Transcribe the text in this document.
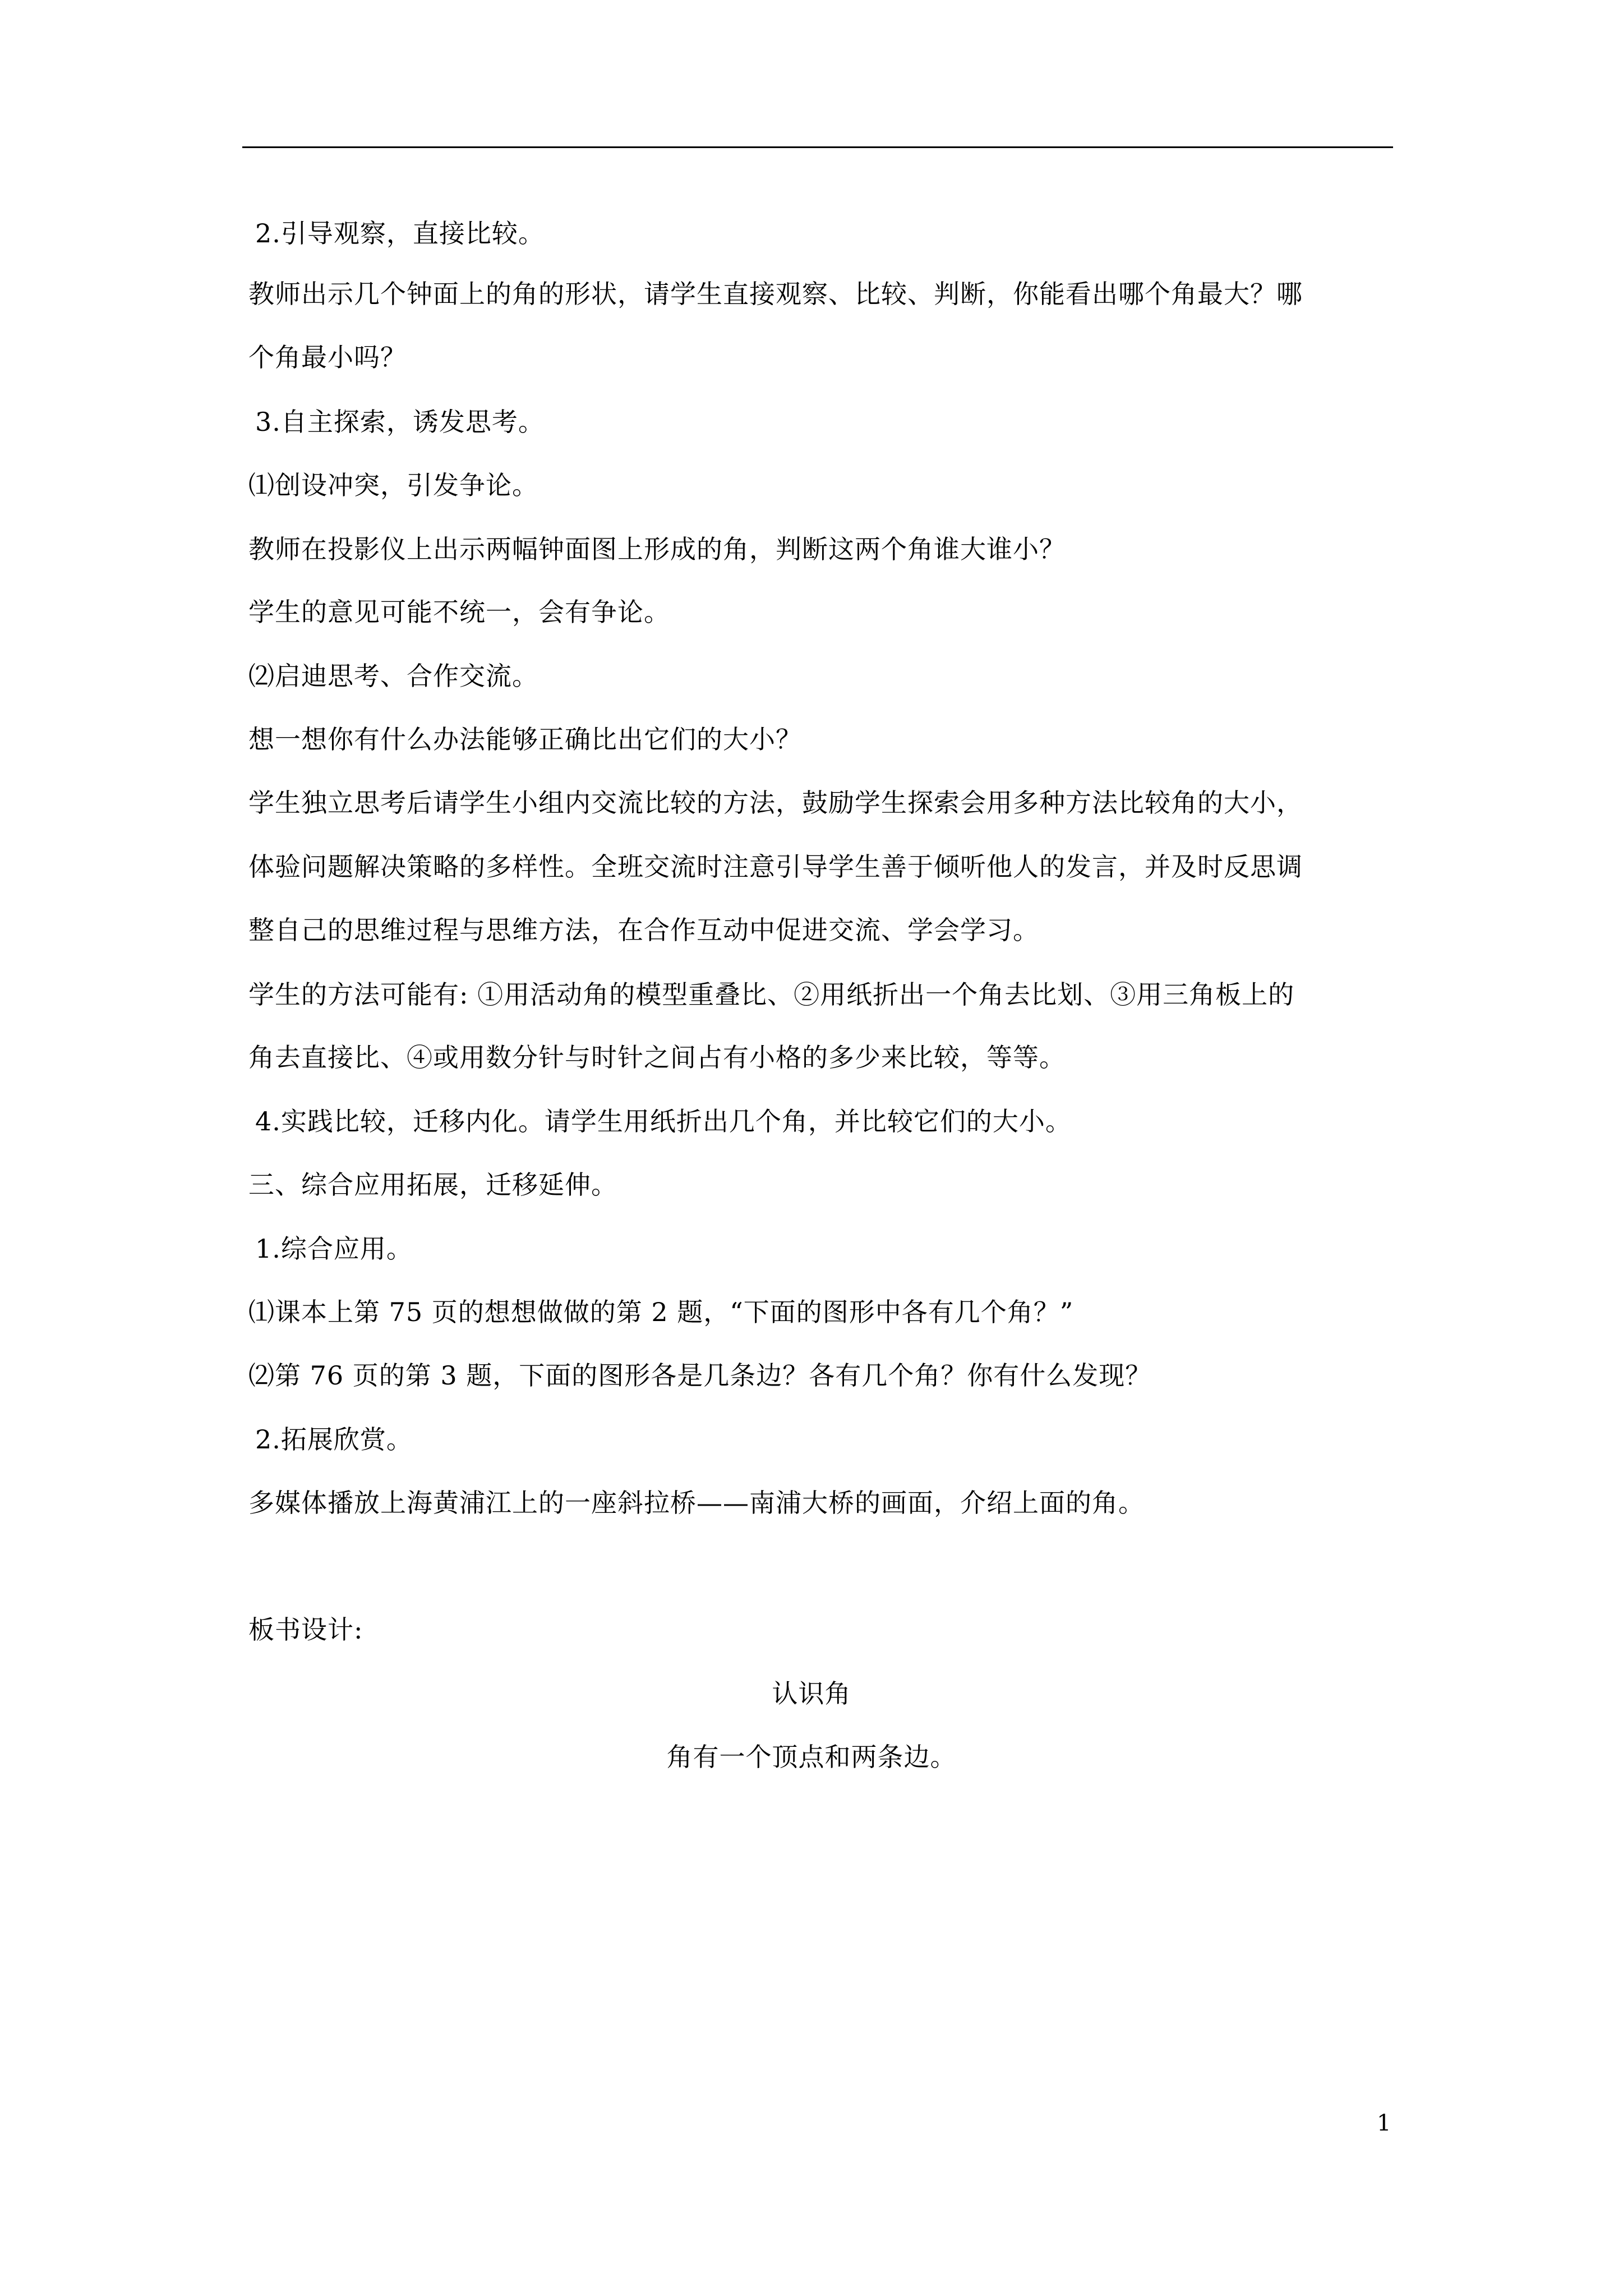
2.引导观察，直接比较。
教师出示几个钟面上的角的形状，请学生直接观察、比较、判断，你能看出哪个角最大？哪
个角最小吗？
3.自主探索，诱发思考。
⑴创设冲突，引发争论。
教师在投影仪上出示两幅钟面图上形成的角，判断这两个角谁大谁小？
学生的意见可能不统一，会有争论。
⑵启迪思考、合作交流。
想一想你有什么办法能够正确比出它们的大小？
学生独立思考后请学生小组内交流比较的方法，鼓励学生探索会用多种方法比较角的大小，
体验问题解决策略的多样性。全班交流时注意引导学生善于倾听他人的发言，并及时反思调
整自己的思维过程与思维方法，在合作互动中促进交流、学会学习。
学生的方法可能有: ①用活动角的模型重叠比、②用纸折出一个角去比划、③用三角板上的
角去直接比、④或用数分针与时针之间占有小格的多少来比较，等等。
4.实践比较，迁移内化。请学生用纸折出几个角，并比较它们的大小。
三、综合应用拓展，迁移延伸。
1.综合应用。
⑴课本上第 75 页的想想做做的第 2 题，“下面的图形中各有几个角？”
⑵第 76 页的第 3 题，下面的图形各是几条边？各有几个角？你有什么发现？
2.拓展欣赏。
多媒体播放上海黄浦江上的一座斜拉桥——南浦大桥的画面，介绍上面的角。
板书设计:
认识角
角有一个顶点和两条边。
1
